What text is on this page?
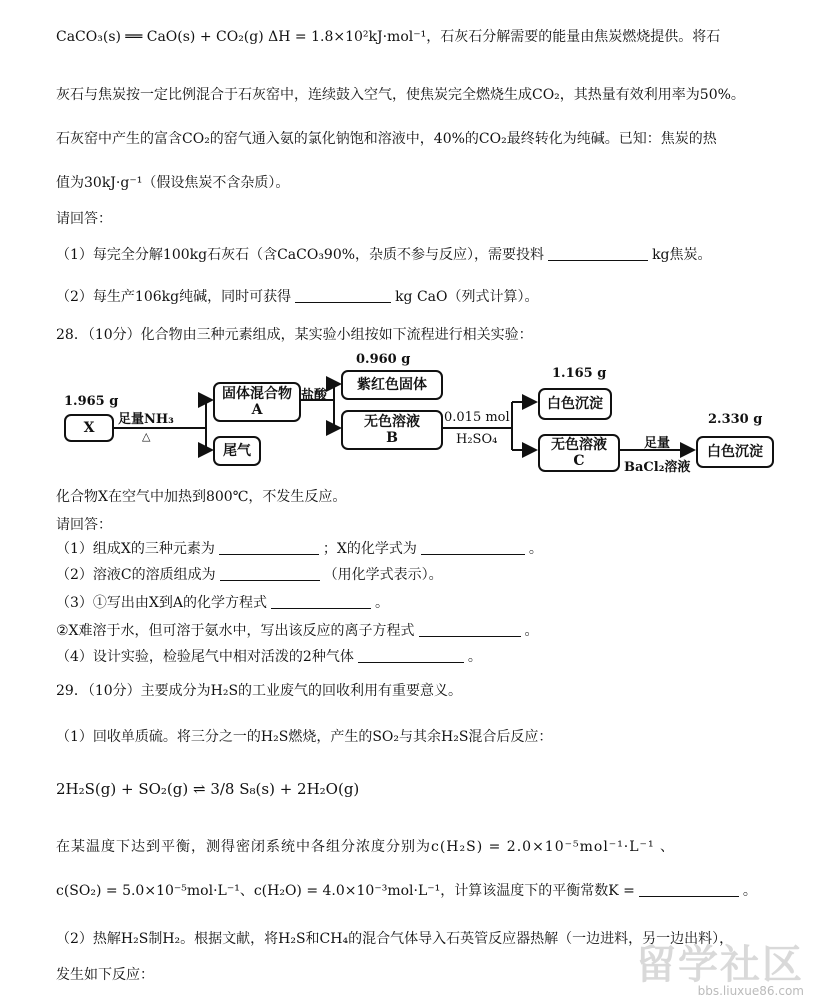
CaCO₃(s) ══ CaO(s) + CO₂(g) ΔH = 1.8×10²kJ·mol⁻¹，石灰石分解需要的能量由焦炭燃烧提供。将石
灰石与焦炭按一定比例混合于石灰窑中，连续鼓入空气，使焦炭完全燃烧生成CO₂，其热量有效利用率为50%。
石灰窑中产生的富含CO₂的窑气通入氨的氯化钠饱和溶液中，40%的CO₂最终转化为纯碱。已知：焦炭的热
值为30kJ·g⁻¹（假设焦炭不含杂质）。
请回答：
（1）每完全分解100kg石灰石（含CaCO₃90%，杂质不参与反应），需要投料	kg焦炭。
（2）每生产106kg纯碱，同时可获得	kg CaO（列式计算）。
28．（10分）化合物由三种元素组成，某实验小组按如下流程进行相关实验：
1.965 g
X
足量NH₃
△
固体混合物
A
尾气
盐酸
0.960 g
紫红色固体
无色溶液
B
0.015 mol
H₂SO₄
1.165 g
白色沉淀
无色溶液
C
足量
BaCl₂溶液
2.330 g
白色沉淀
化合物X在空气中加热到800℃，不发生反应。
请回答：
（1）组成X的三种元素为	；X的化学式为	。
（2）溶液C的溶质组成为	（用化学式表示）。
（3）①写出由X到A的化学方程式	。
②X难溶于水，但可溶于氨水中，写出该反应的离子方程式	。
（4）设计实验，检验尾气中相对活泼的2种气体	。
29．（10分）主要成分为H₂S的工业废气的回收利用有重要意义。
（1）回收单质硫。将三分之一的H₂S燃烧，产生的SO₂与其余H₂S混合后反应：
2H₂S(g) + SO₂(g) ⇌ 3/8 S₈(s) + 2H₂O(g)
在某温度下达到平衡，测得密闭系统中各组分浓度分别为c(H₂S) = 2.0×10⁻⁵mol⁻¹·L⁻¹ 、
c(SO₂) = 5.0×10⁻⁵mol·L⁻¹、c(H₂O) = 4.0×10⁻³mol·L⁻¹，计算该温度下的平衡常数K =	。
（2）热解H₂S制H₂。根据文献，将H₂S和CH₄的混合气体导入石英管反应器热解（一边进料，另一边出料），
发生如下反应：	留学社区
bbs.liuxue86.com
